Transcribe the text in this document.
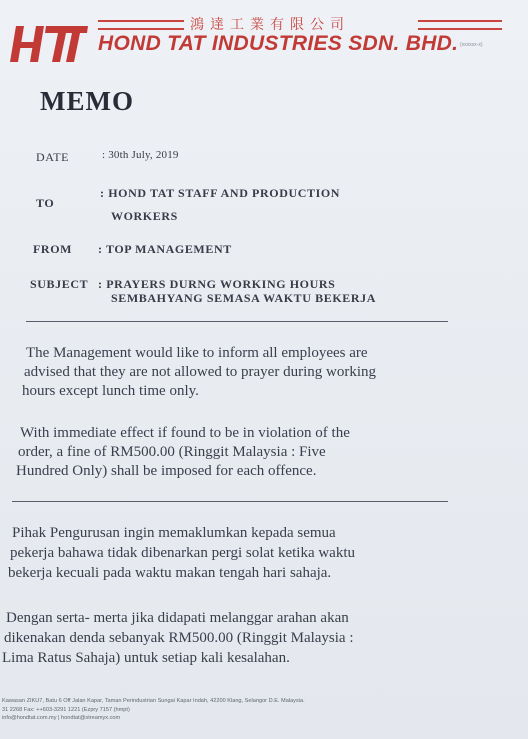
HTI	鴻達工業有限公司
HOND TAT INDUSTRIES SDN. BHD. (xxxxxx-x)
MEMO
DATE	: 30th July, 2019
TO
: HOND TAT STAFF AND PRODUCTION
WORKERS
FROM : TOP MANAGEMENT
SUBJECT : PRAYERS DURNG WORKING HOURS
SEMBAHYANG SEMASA WAKTU BEKERJA

The Management would like to inform all employees are

advised that they are not allowed to prayer during working

hours except lunch time only.

With immediate effect if found to be in violation of the

order, a fine of RM500.00 (Ringgit Malaysia : Five

Hundred Only) shall be imposed for each offence.

Pihak Pengurusan ingin memaklumkan kepada semua

pekerja bahawa tidak dibenarkan pergi solat ketika waktu

bekerja kecuali pada waktu makan tengah hari sahaja.

Dengan serta- merta jika didapati melanggar arahan akan

dikenakan denda sebanyak RM500.00 (Ringgit Malaysia :

Lima Ratus Sahaja) untuk setiap kali kesalahan.

Kawasan ZIKU7, Batu 6 Off Jalan Kapar, Taman Perindustrian Sungai Kapar Indah, 42200 Klang, Selangor D.E. Malaysia.
31 2268 Fax: ++603-3291 1221 (Ezpry 7157 (hmpt)
info@hondtat.com.my | hondtat@streamyx.com
